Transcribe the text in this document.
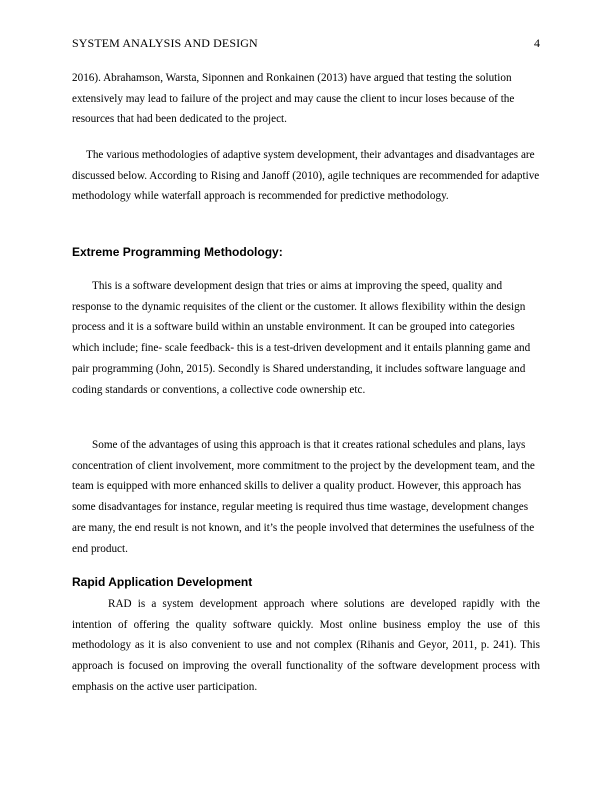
SYSTEM ANALYSIS AND DESIGN	4

2016). Abrahamson, Warsta, Siponnen and Ronkainen (2013) have argued that testing the solution extensively may lead to failure of the project and may cause the client to incur loses because of the resources that had been dedicated to the project.

The various methodologies of adaptive system development, their advantages and disadvantages are discussed below. According to Rising and Janoff (2010), agile techniques are recommended for adaptive methodology while waterfall approach is recommended for predictive methodology.

Extreme Programming Methodology:

This is a software development design that tries or aims at improving the speed, quality and response to the dynamic requisites of the client or the customer. It allows flexibility within the design process and it is a software build within an unstable environment. It can be grouped into categories which include; fine- scale feedback- this is a test-driven development and it entails planning game and pair programming (John, 2015). Secondly is Shared understanding, it includes software language and coding standards or conventions, a collective code ownership etc.

Some of the advantages of using this approach is that it creates rational schedules and plans, lays concentration of client involvement, more commitment to the project by the development team, and the team is equipped with more enhanced skills to deliver a quality product. However, this approach has some disadvantages for instance, regular meeting is required thus time wastage, development changes are many, the end result is not known, and it’s the people involved that determines the usefulness of the end product.

Rapid Application Development

RAD is a system development approach where solutions are developed rapidly with the intention of offering the quality software quickly. Most online business employ the use of this methodology as it is also convenient to use and not complex (Rihanis and Geyor, 2011, p. 241). This approach is focused on improving the overall functionality of the software development process with emphasis on the active user participation.
